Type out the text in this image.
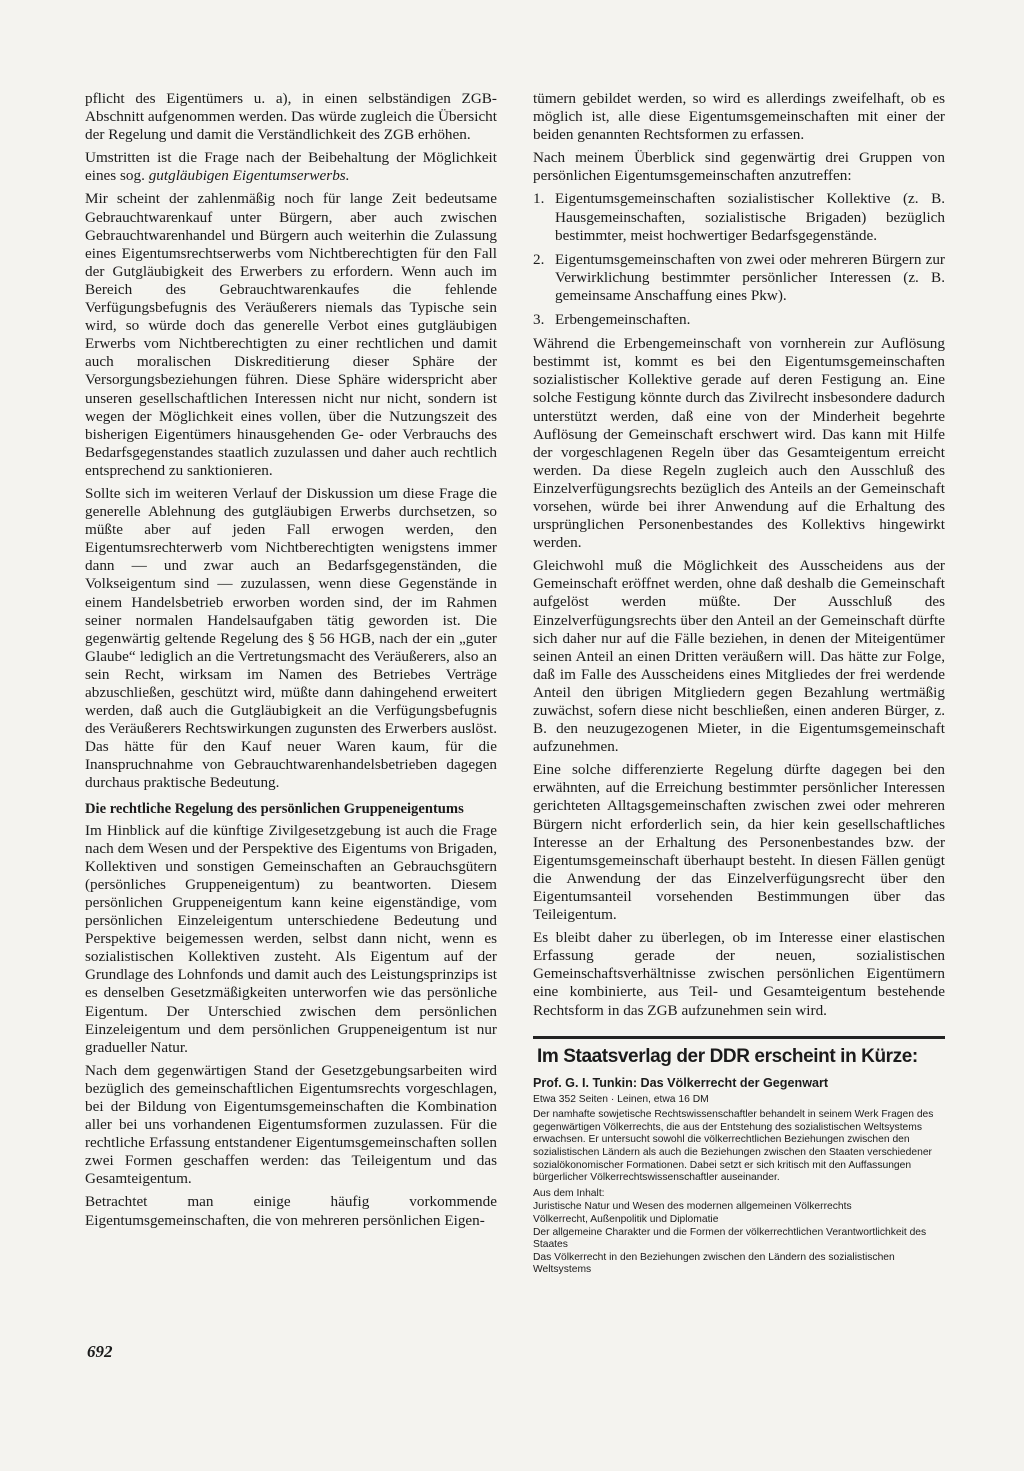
pflicht des Eigentümers u. a), in einen selbständigen ZGB-Abschnitt aufgenommen werden. Das würde zugleich die Übersicht der Regelung und damit die Verständlichkeit des ZGB erhöhen.

Umstritten ist die Frage nach der Beibehaltung der Möglichkeit eines sog. gutgläubigen Eigentumserwerbs.

Mir scheint der zahlenmäßig noch für lange Zeit bedeutsame Gebrauchtwarenkauf unter Bürgern, aber auch zwischen Gebrauchtwarenhandel und Bürgern auch weiterhin die Zulassung eines Eigentumsrechtserwerbs vom Nichtberechtigten für den Fall der Gutgläubigkeit des Erwerbers zu erfordern. Wenn auch im Bereich des Gebrauchtwarenkaufes die fehlende Verfügungsbefugnis des Veräußerers niemals das Typische sein wird, so würde doch das generelle Verbot eines gutgläubigen Erwerbs vom Nichtberechtigten zu einer rechtlichen und damit auch moralischen Diskreditierung dieser Sphäre der Versorgungsbeziehungen führen. Diese Sphäre widerspricht aber unseren gesellschaftlichen Interessen nicht nur nicht, sondern ist wegen der Möglichkeit eines vollen, über die Nutzungszeit des bisherigen Eigentümers hinausgehenden Ge- oder Verbrauchs des Bedarfsgegenstandes staatlich zuzulassen und daher auch rechtlich entsprechend zu sanktionieren.

Sollte sich im weiteren Verlauf der Diskussion um diese Frage die generelle Ablehnung des gutgläubigen Erwerbs durchsetzen, so müßte aber auf jeden Fall erwogen werden, den Eigentumsrechterwerb vom Nichtberechtigten wenigstens immer dann — und zwar auch an Bedarfsgegenständen, die Volkseigentum sind — zuzulassen, wenn diese Gegenstände in einem Handelsbetrieb erworben worden sind, der im Rahmen seiner normalen Handelsaufgaben tätig geworden ist. Die gegenwärtig geltende Regelung des § 56 HGB, nach der ein „guter Glaube“ lediglich an die Vertretungsmacht des Veräußerers, also an sein Recht, wirksam im Namen des Betriebes Verträge abzuschließen, geschützt wird, müßte dann dahingehend erweitert werden, daß auch die Gutgläubigkeit an die Verfügungsbefugnis des Veräußerers Rechtswirkungen zugunsten des Erwerbers auslöst. Das hätte für den Kauf neuer Waren kaum, für die Inanspruchnahme von Gebrauchtwarenhandelsbetrieben dagegen durchaus praktische Bedeutung.

Die rechtliche Regelung des persönlichen Gruppeneigentums

Im Hinblick auf die künftige Zivilgesetzgebung ist auch die Frage nach dem Wesen und der Perspektive des Eigentums von Brigaden, Kollektiven und sonstigen Gemeinschaften an Gebrauchsgütern (persönliches Gruppeneigentum) zu beantworten. Diesem persönlichen Gruppeneigentum kann keine eigenständige, vom persönlichen Einzeleigentum unterschiedene Bedeutung und Perspektive beigemessen werden, selbst dann nicht, wenn es sozialistischen Kollektiven zusteht. Als Eigentum auf der Grundlage des Lohnfonds und damit auch des Leistungsprinzips ist es denselben Gesetzmäßigkeiten unterworfen wie das persönliche Eigentum. Der Unterschied zwischen dem persönlichen Einzeleigentum und dem persönlichen Gruppeneigentum ist nur gradueller Natur.

Nach dem gegenwärtigen Stand der Gesetzgebungsarbeiten wird bezüglich des gemeinschaftlichen Eigentumsrechts vorgeschlagen, bei der Bildung von Eigentumsgemeinschaften die Kombination aller bei uns vorhandenen Eigentumsformen zuzulassen. Für die rechtliche Erfassung entstandener Eigentumsgemeinschaften sollen zwei Formen geschaffen werden: das Teileigentum und das Gesamteigentum.

Betrachtet man einige häufig vorkommende Eigentumsgemeinschaften, die von mehreren persönlichen Eigen-

tümern gebildet werden, so wird es allerdings zweifelhaft, ob es möglich ist, alle diese Eigentumsgemeinschaften mit einer der beiden genannten Rechtsformen zu erfassen.

Nach meinem Überblick sind gegenwärtig drei Gruppen von persönlichen Eigentumsgemeinschaften anzutreffen:

1. Eigentumsgemeinschaften sozialistischer Kollektive (z. B. Hausgemeinschaften, sozialistische Brigaden) bezüglich bestimmter, meist hochwertiger Bedarfsgegenstände.
2. Eigentumsgemeinschaften von zwei oder mehreren Bürgern zur Verwirklichung bestimmter persönlicher Interessen (z. B. gemeinsame Anschaffung eines Pkw).
3. Erbengemeinschaften.

Während die Erbengemeinschaft von vornherein zur Auflösung bestimmt ist, kommt es bei den Eigentumsgemeinschaften sozialistischer Kollektive gerade auf deren Festigung an. Eine solche Festigung könnte durch das Zivilrecht insbesondere dadurch unterstützt werden, daß eine von der Minderheit begehrte Auflösung der Gemeinschaft erschwert wird. Das kann mit Hilfe der vorgeschlagenen Regeln über das Gesamteigentum erreicht werden. Da diese Regeln zugleich auch den Ausschluß des Einzelverfügungsrechts bezüglich des Anteils an der Gemeinschaft vorsehen, würde bei ihrer Anwendung auf die Erhaltung des ursprünglichen Personenbestandes des Kollektivs hingewirkt werden.

Gleichwohl muß die Möglichkeit des Ausscheidens aus der Gemeinschaft eröffnet werden, ohne daß deshalb die Gemeinschaft aufgelöst werden müßte. Der Ausschluß des Einzelverfügungsrechts über den Anteil an der Gemeinschaft dürfte sich daher nur auf die Fälle beziehen, in denen der Miteigentümer seinen Anteil an einen Dritten veräußern will. Das hätte zur Folge, daß im Falle des Ausscheidens eines Mitgliedes der frei werdende Anteil den übrigen Mitgliedern gegen Bezahlung wertmäßig zuwächst, sofern diese nicht beschließen, einen anderen Bürger, z. B. den neuzugezogenen Mieter, in die Eigentumsgemeinschaft aufzunehmen.

Eine solche differenzierte Regelung dürfte dagegen bei den erwähnten, auf die Erreichung bestimmter persönlicher Interessen gerichteten Alltagsgemeinschaften zwischen zwei oder mehreren Bürgern nicht erforderlich sein, da hier kein gesellschaftliches Interesse an der Erhaltung des Personenbestandes bzw. der Eigentumsgemeinschaft überhaupt besteht. In diesen Fällen genügt die Anwendung der das Einzelverfügungsrecht über den Eigentumsanteil vorsehenden Bestimmungen über das Teileigentum.

Es bleibt daher zu überlegen, ob im Interesse einer elastischen Erfassung gerade der neuen, sozialistischen Gemeinschaftsverhältnisse zwischen persönlichen Eigentümern eine kombinierte, aus Teil- und Gesamteigentum bestehende Rechtsform in das ZGB aufzunehmen sein wird.

Im Staatsverlag der DDR erscheint in Kürze:
Prof. G. I. Tunkin: Das Völkerrecht der Gegenwart
Etwa 352 Seiten · Leinen, etwa 16 DM
Der namhafte sowjetische Rechtswissenschaftler behandelt in seinem Werk Fragen des gegenwärtigen Völkerrechts, die aus der Entstehung des sozialistischen Weltsystems erwachsen. Er untersucht sowohl die völkerrechtlichen Beziehungen zwischen den sozialistischen Ländern als auch die Beziehungen zwischen den Staaten verschiedener sozialökonomischer Formationen. Dabei setzt er sich kritisch mit den Auffassungen bürgerlicher Völkerrechtswissenschaftler auseinander.
Aus dem Inhalt:
Juristische Natur und Wesen des modernen allgemeinen Völkerrechts
Völkerrecht, Außenpolitik und Diplomatie
Der allgemeine Charakter und die Formen der völkerrechtlichen Verantwortlichkeit des Staates
Das Völkerrecht in den Beziehungen zwischen den Ländern des sozialistischen Weltsystems
692
